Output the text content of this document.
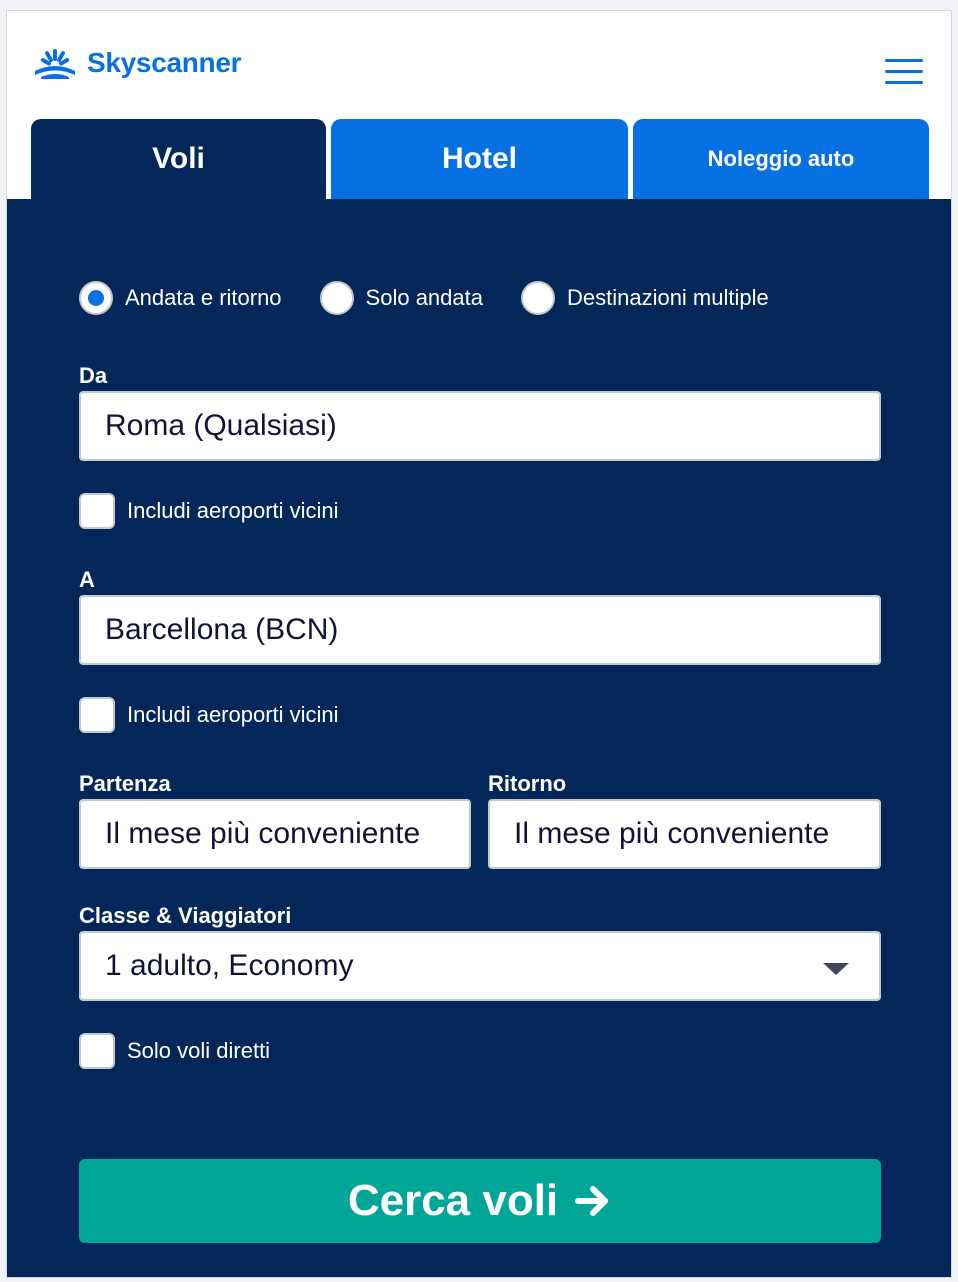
Skyscanner
Voli	Hotel	Noleggio auto
Andata e ritorno	Solo andata	Destinazioni multiple
Da
Roma (Qualsiasi)
Includi aeroporti vicini
A
Barcellona (BCN)
Includi aeroporti vicini
Partenza
Il mese più conveniente
Ritorno
Il mese più conveniente
Classe & Viaggiatori
1 adulto, Economy
Solo voli diretti
Cerca voli
